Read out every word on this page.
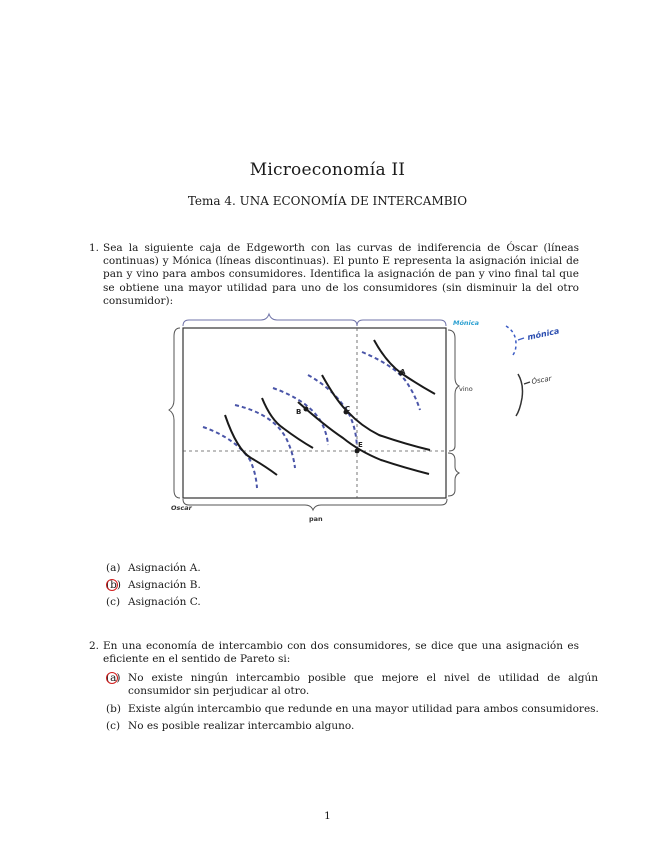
Microeconomía II
Tema 4. UNA ECONOMÍA DE INTERCAMBIO
1. Sea la siguiente caja de Edgeworth con las curvas de indiferencia de Óscar (líneas continuas) y Mónica (líneas discontinuas). El punto E representa la asignación inicial de pan y vino para ambos consumidores. Identifica la asignación de pan y vino final tal que se obtiene una mayor utilidad para uno de los consumidores (sin disminuir la del otro consumidor):
A
B	C
E
Mónica
vino
Oscar
pan
mónica
Óscar
(a) Asignación A.
(b) Asignación B.
(c) Asignación C.
2. En una economía de intercambio con dos consumidores, se dice que una asignación es eficiente en el sentido de Pareto si:
(a) No existe ningún intercambio posible que mejore el nivel de utilidad de algún consumidor sin perjudicar al otro.
(b) Existe algún intercambio que redunde en una mayor utilidad para ambos consumidores.
(c) No es posible realizar intercambio alguno.
1
